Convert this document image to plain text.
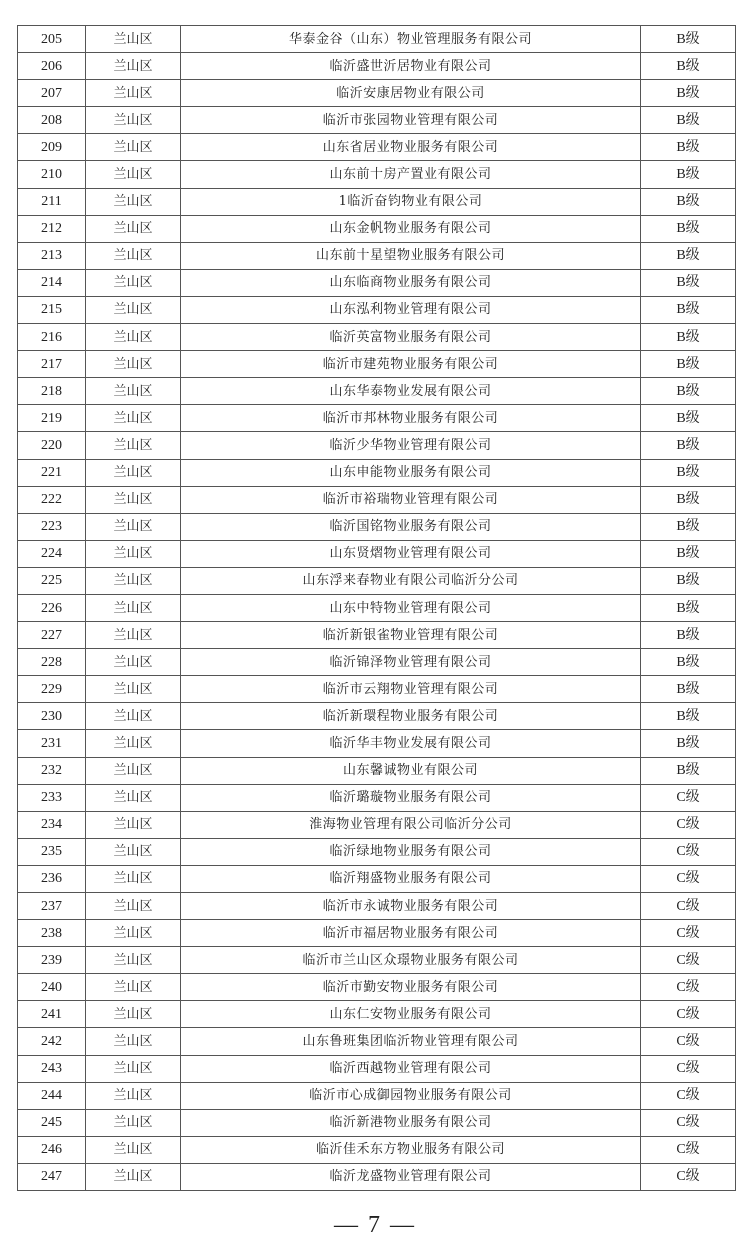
205	兰山区	华泰金谷（山东）物业管理服务有限公司	B级
206	兰山区	临沂盛世沂居物业有限公司	B级
207	兰山区	临沂安康居物业有限公司	B级
208	兰山区	临沂市张园物业管理有限公司	B级
209	兰山区	山东省居业物业服务有限公司	B级
210	兰山区	山东前十房产置业有限公司	B级
211	兰山区	1临沂奋钧物业有限公司	B级
212	兰山区	山东金帆物业服务有限公司	B级
213	兰山区	山东前十星望物业服务有限公司	B级
214	兰山区	山东临商物业服务有限公司	B级
215	兰山区	山东泓利物业管理有限公司	B级
216	兰山区	临沂英富物业服务有限公司	B级
217	兰山区	临沂市建苑物业服务有限公司	B级
218	兰山区	山东华泰物业发展有限公司	B级
219	兰山区	临沂市邦林物业服务有限公司	B级
220	兰山区	临沂少华物业管理有限公司	B级
221	兰山区	山东申能物业服务有限公司	B级
222	兰山区	临沂市裕瑞物业管理有限公司	B级
223	兰山区	临沂国铭物业服务有限公司	B级
224	兰山区	山东贤熠物业管理有限公司	B级
225	兰山区	山东浮来春物业有限公司临沂分公司	B级
226	兰山区	山东中特物业管理有限公司	B级
227	兰山区	临沂新银雀物业管理有限公司	B级
228	兰山区	临沂锦泽物业管理有限公司	B级
229	兰山区	临沂市云翔物业管理有限公司	B级
230	兰山区	临沂新環程物业服务有限公司	B级
231	兰山区	临沂华丰物业发展有限公司	B级
232	兰山区	山东馨诚物业有限公司	B级
233	兰山区	临沂璐璇物业服务有限公司	C级
234	兰山区	淮海物业管理有限公司临沂分公司	C级
235	兰山区	临沂绿地物业服务有限公司	C级
236	兰山区	临沂翔盛物业服务有限公司	C级
237	兰山区	临沂市永诚物业服务有限公司	C级
238	兰山区	临沂市福居物业服务有限公司	C级
239	兰山区	临沂市兰山区众璟物业服务有限公司	C级
240	兰山区	临沂市勤安物业服务有限公司	C级
241	兰山区	山东仁安物业服务有限公司	C级
242	兰山区	山东鲁班集团临沂物业管理有限公司	C级
243	兰山区	临沂西越物业管理有限公司	C级
244	兰山区	临沂市心成御园物业服务有限公司	C级
245	兰山区	临沂新港物业服务有限公司	C级
246	兰山区	临沂佳禾东方物业服务有限公司	C级
247	兰山区	临沂龙盛物业管理有限公司	C级
— 7 —
